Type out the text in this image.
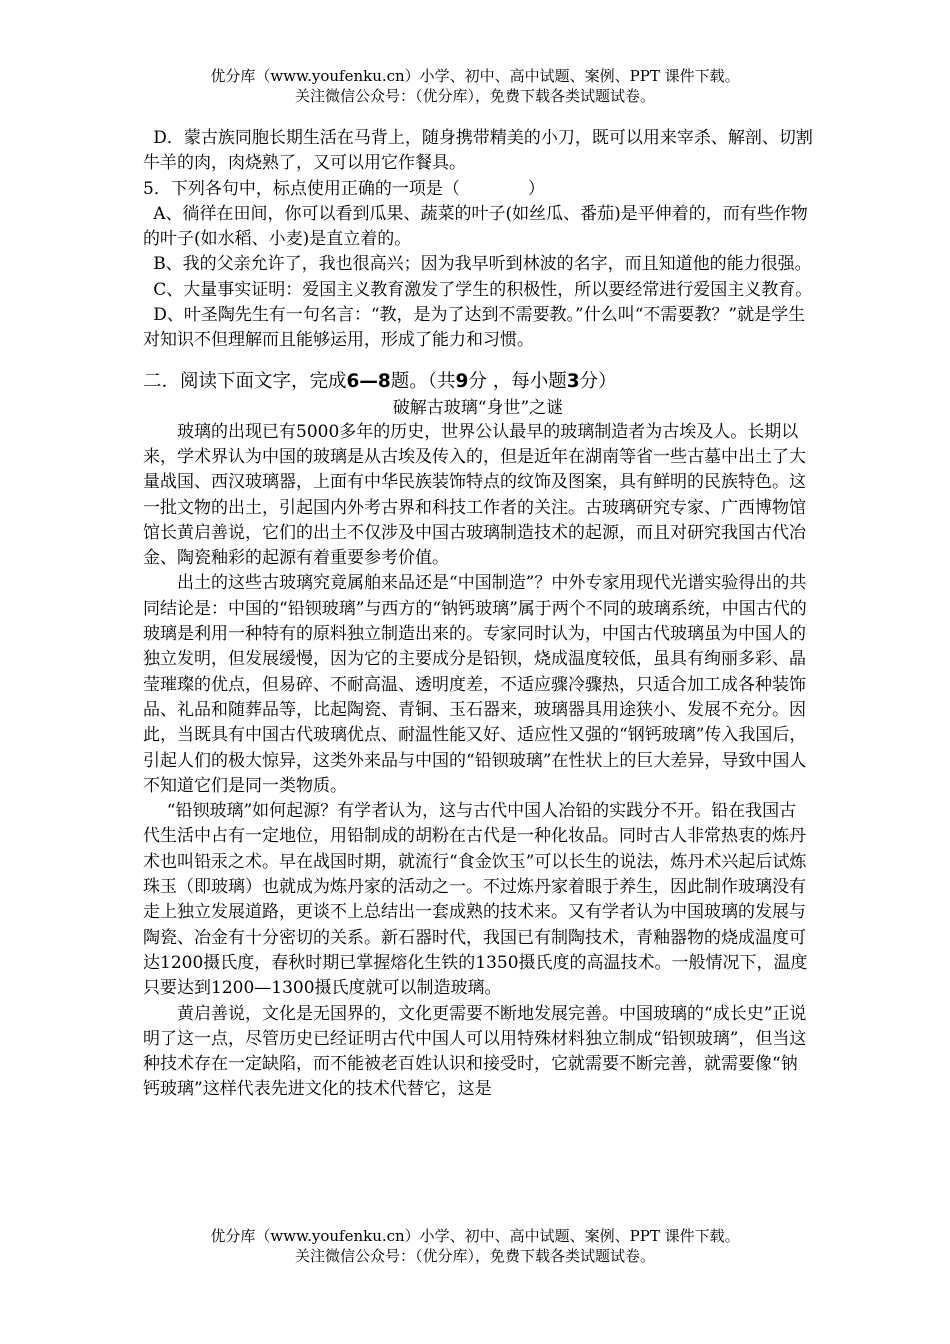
优分库（www.youfenku.cn）小学、初中、高中试题、案例、PPT 课件下载。
关注微信公众号：（优分库），免费下载各类试题试卷。

D．蒙古族同胞长期生活在马背上，随身携带精美的小刀，既可以用来宰杀、解剖、切割牛羊的肉，肉烧熟了，又可以用它作餐具。

5．下列各句中，标点使用正确的一项是（	）

A、徜徉在田间，你可以看到瓜果、蔬菜的叶子(如丝瓜、番茄)是平伸着的，而有些作物的叶子(如水稻、小麦)是直立着的。

B、我的父亲允许了，我也很高兴；因为我早听到林波的名字，而且知道他的能力很强。

C、大量事实证明：爱国主义教育激发了学生的积极性，所以要经常进行爱国主义教育。

D、叶圣陶先生有一句名言：“教，是为了达到不需要教。”什么叫“不需要教？”就是学生对知识不但理解而且能够运用，形成了能力和习惯。

二．阅读下面文字，完成6—8题。（共9分 ，每小题3分）

破解古玻璃“身世”之谜

玻璃的出现已有5000多年的历史，世界公认最早的玻璃制造者为古埃及人。长期以来，学术界认为中国的玻璃是从古埃及传入的，但是近年在湖南等省一些古墓中出土了大量战国、西汉玻璃器，上面有中华民族装饰特点的纹饰及图案，具有鲜明的民族特色。这一批文物的出土，引起国内外考古界和科技工作者的关注。古玻璃研究专家、广西博物馆馆长黄启善说，它们的出土不仅涉及中国古玻璃制造技术的起源，而且对研究我国古代冶金、陶瓷釉彩的起源有着重要参考价值。

出土的这些古玻璃究竟属舶来品还是“中国制造”？中外专家用现代光谱实验得出的共同结论是：中国的“铅钡玻璃”与西方的“钠钙玻璃”属于两个不同的玻璃系统，中国古代的玻璃是利用一种特有的原料独立制造出来的。专家同时认为，中国古代玻璃虽为中国人的独立发明，但发展缓慢，因为它的主要成分是铅钡，烧成温度较低，虽具有绚丽多彩、晶莹璀璨的优点，但易碎、不耐高温、透明度差，不适应骤冷骤热，只适合加工成各种装饰品、礼品和随葬品等，比起陶瓷、青铜、玉石器来，玻璃器具用途狭小、发展不充分。因此，当既具有中国古代玻璃优点、耐温性能又好、适应性又强的“钢钙玻璃”传入我国后，引起人们的极大惊异，这类外来品与中国的“铅钡玻璃”在性状上的巨大差异，导致中国人不知道它们是同一类物质。

“铅钡玻璃”如何起源？有学者认为，这与古代中国人冶铅的实践分不开。铅在我国古代生活中占有一定地位，用铅制成的胡粉在古代是一种化妆品。同时古人非常热衷的炼丹术也叫铅汞之术。早在战国时期，就流行“食金饮玉”可以长生的说法，炼丹术兴起后试炼珠玉（即玻璃）也就成为炼丹家的活动之一。不过炼丹家着眼于养生，因此制作玻璃没有走上独立发展道路，更谈不上总结出一套成熟的技术来。又有学者认为中国玻璃的发展与陶瓷、冶金有十分密切的关系。新石器时代，我国已有制陶技术，青釉器物的烧成温度可达1200摄氏度，春秋时期已掌握熔化生铁的1350摄氏度的高温技术。一般情况下，温度只要达到1200—1300摄氏度就可以制造玻璃。

黄启善说，文化是无国界的，文化更需要不断地发展完善。中国玻璃的“成长史”正说明了这一点，尽管历史已经证明古代中国人可以用特殊材料独立制成“铅钡玻璃”，但当这种技术存在一定缺陷，而不能被老百姓认识和接受时，它就需要不断完善，就需要像“钠钙玻璃”这样代表先进文化的技术代替它，这是

优分库（www.youfenku.cn）小学、初中、高中试题、案例、PPT 课件下载。
关注微信公众号：（优分库），免费下载各类试题试卷。
